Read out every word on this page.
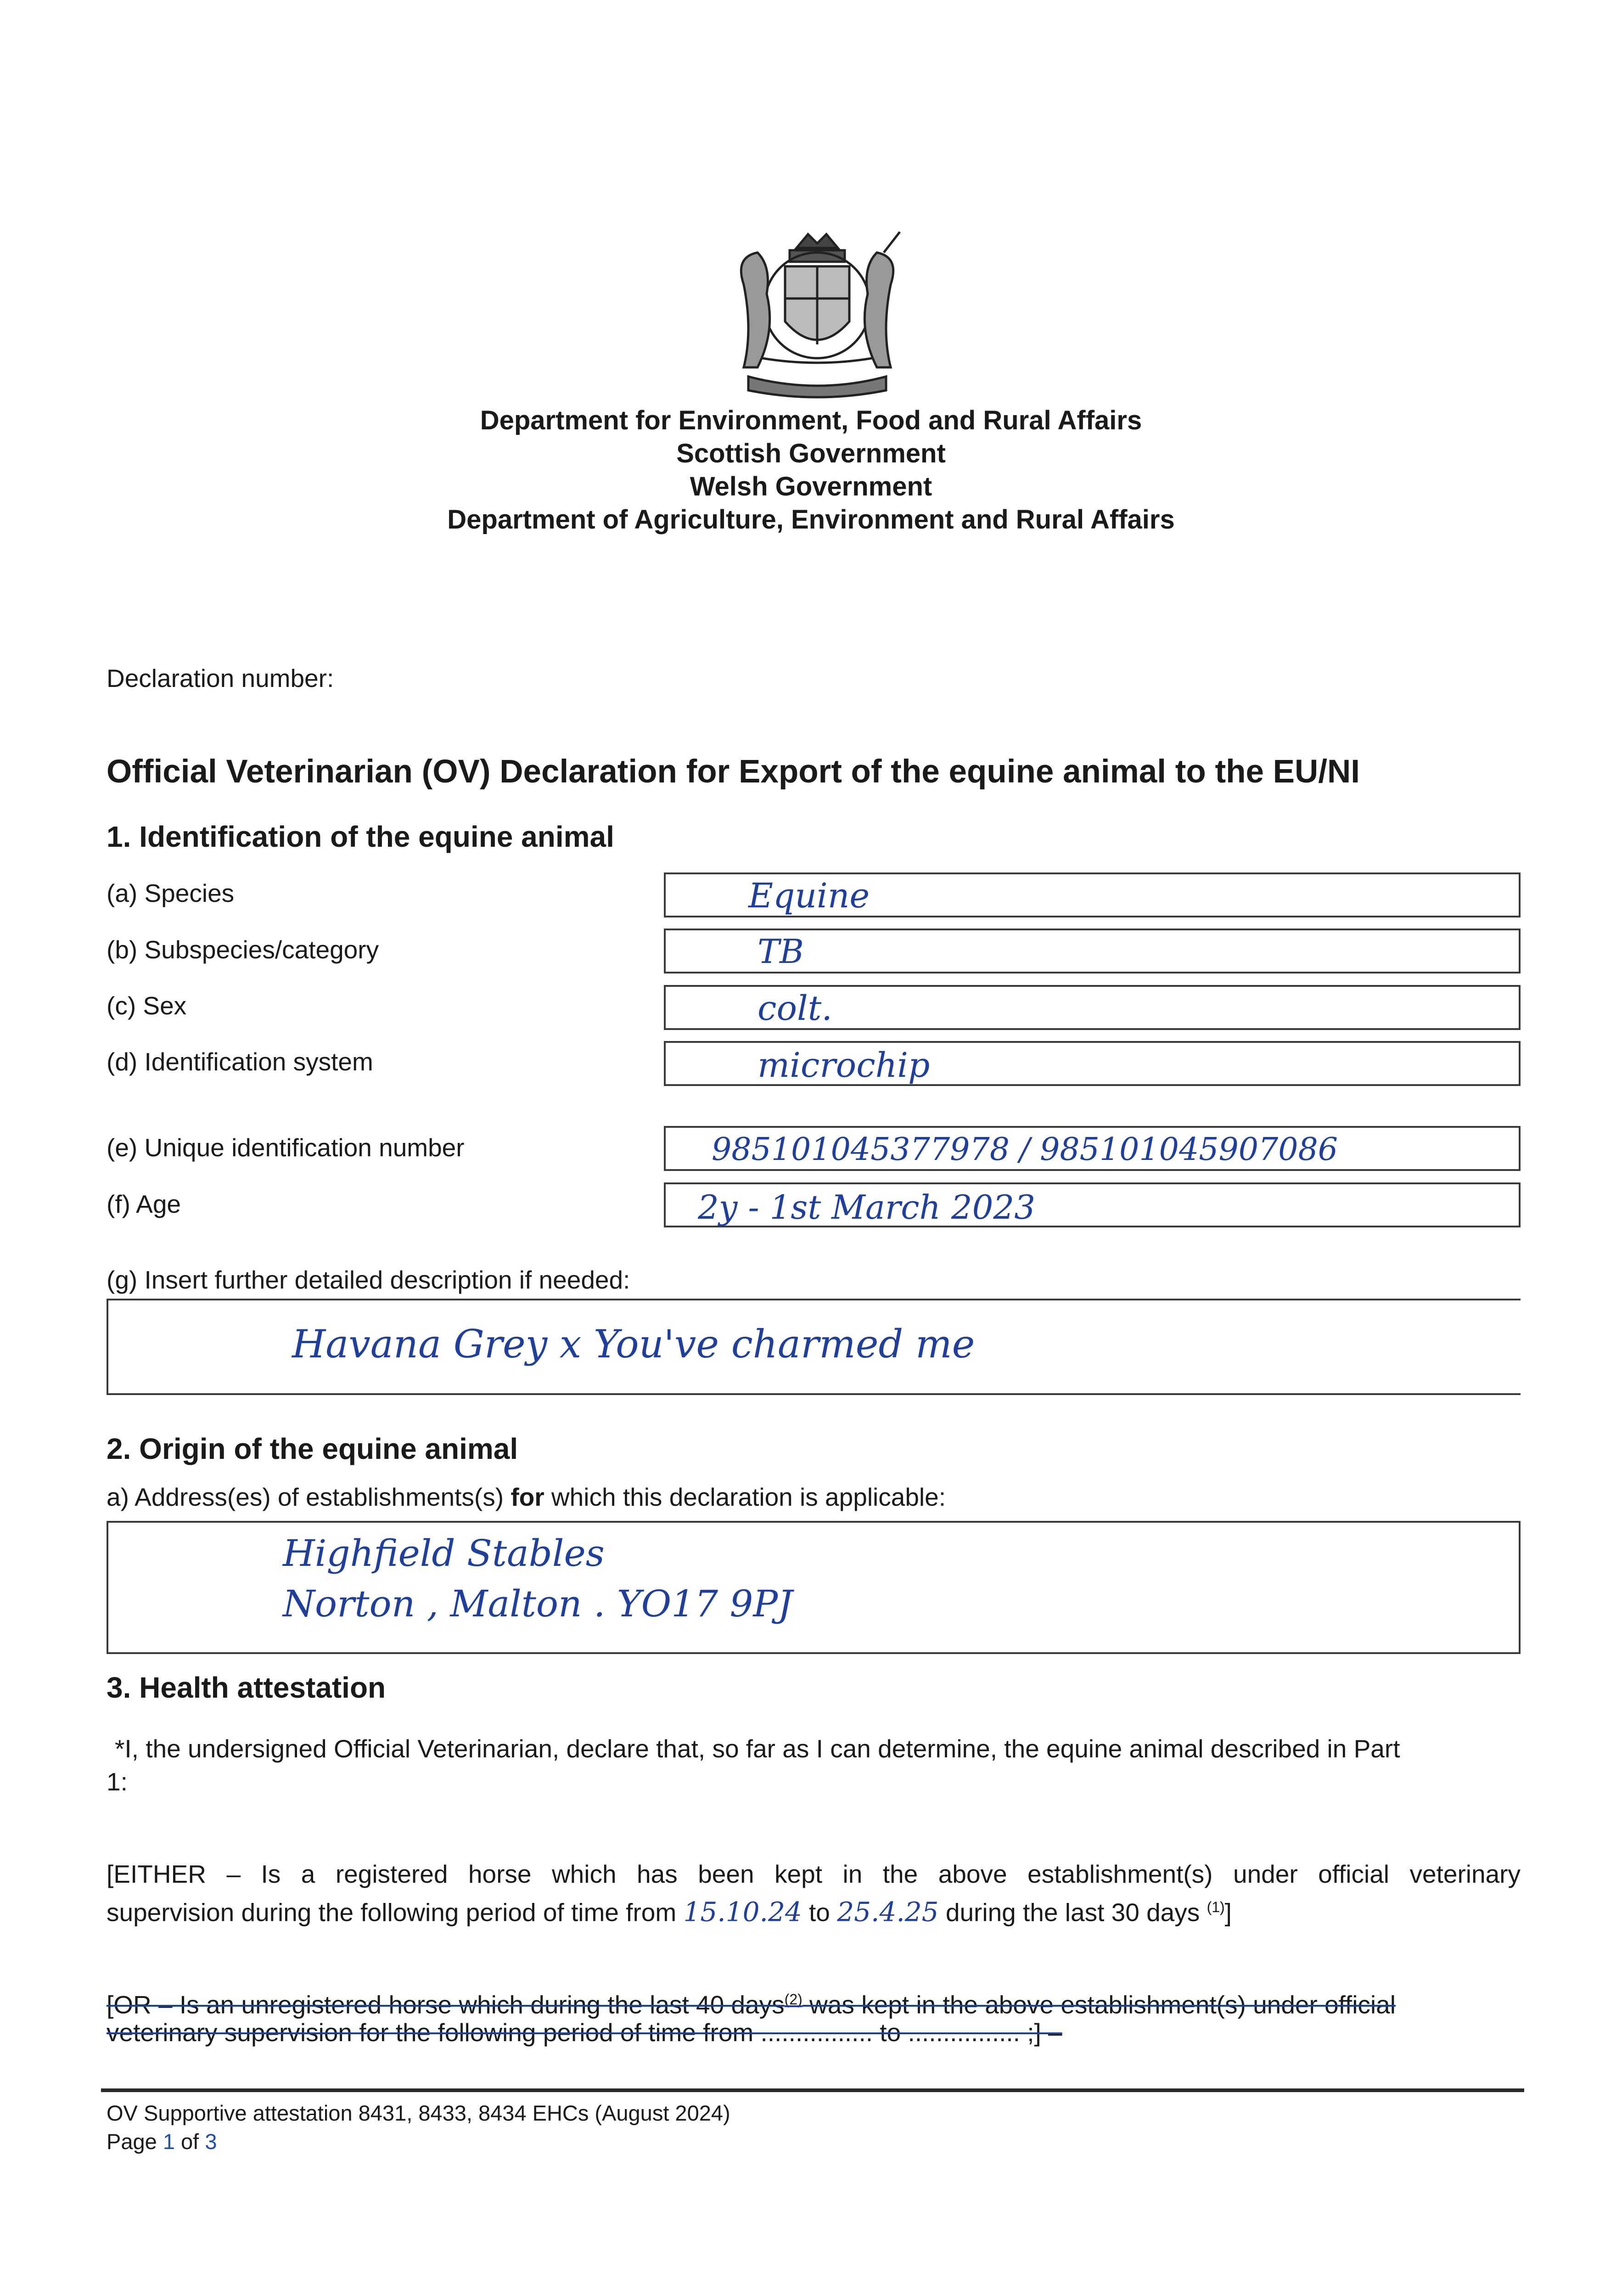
Department for Environment, Food and Rural Affairs
Scottish Government
Welsh Government
Department of Agriculture, Environment and Rural Affairs
Declaration number:
Official Veterinarian (OV) Declaration for Export of the equine animal to the EU/NI
1. Identification of the equine animal
(a) Species	Equine
(b) Subspecies/category	TB
(c) Sex	colt.
(d) Identification system	microchip
(e) Unique identification number	985101045377978 / 985101045907086
(f) Age	2y - 1st March 2023
(g) Insert further detailed description if needed:
Havana Grey x You've charmed me
2. Origin of the equine animal
a) Address(es) of establishments(s) for which this declaration is applicable:
Highfield Stables
Norton , Malton . YO17 9PJ
3. Health attestation
*I, the undersigned Official Veterinarian, declare that, so far as I can determine, the equine animal described in Part
1:
[EITHER – Is a registered horse which has been kept in the above establishment(s) under official veterinary
supervision during the following period of time from 15.10.24 to 25.4.25 during the last 30 days $^{(1)}$]
[OR – Is an unregistered horse which during the last 40 days$^{(2)}$ was kept in the above establishment(s) under official
veterinary supervision for the following period of time from ................ to ................ ;] –
OV Supportive attestation 8431, 8433, 8434 EHCs (August 2024)
Page 1 of 3
